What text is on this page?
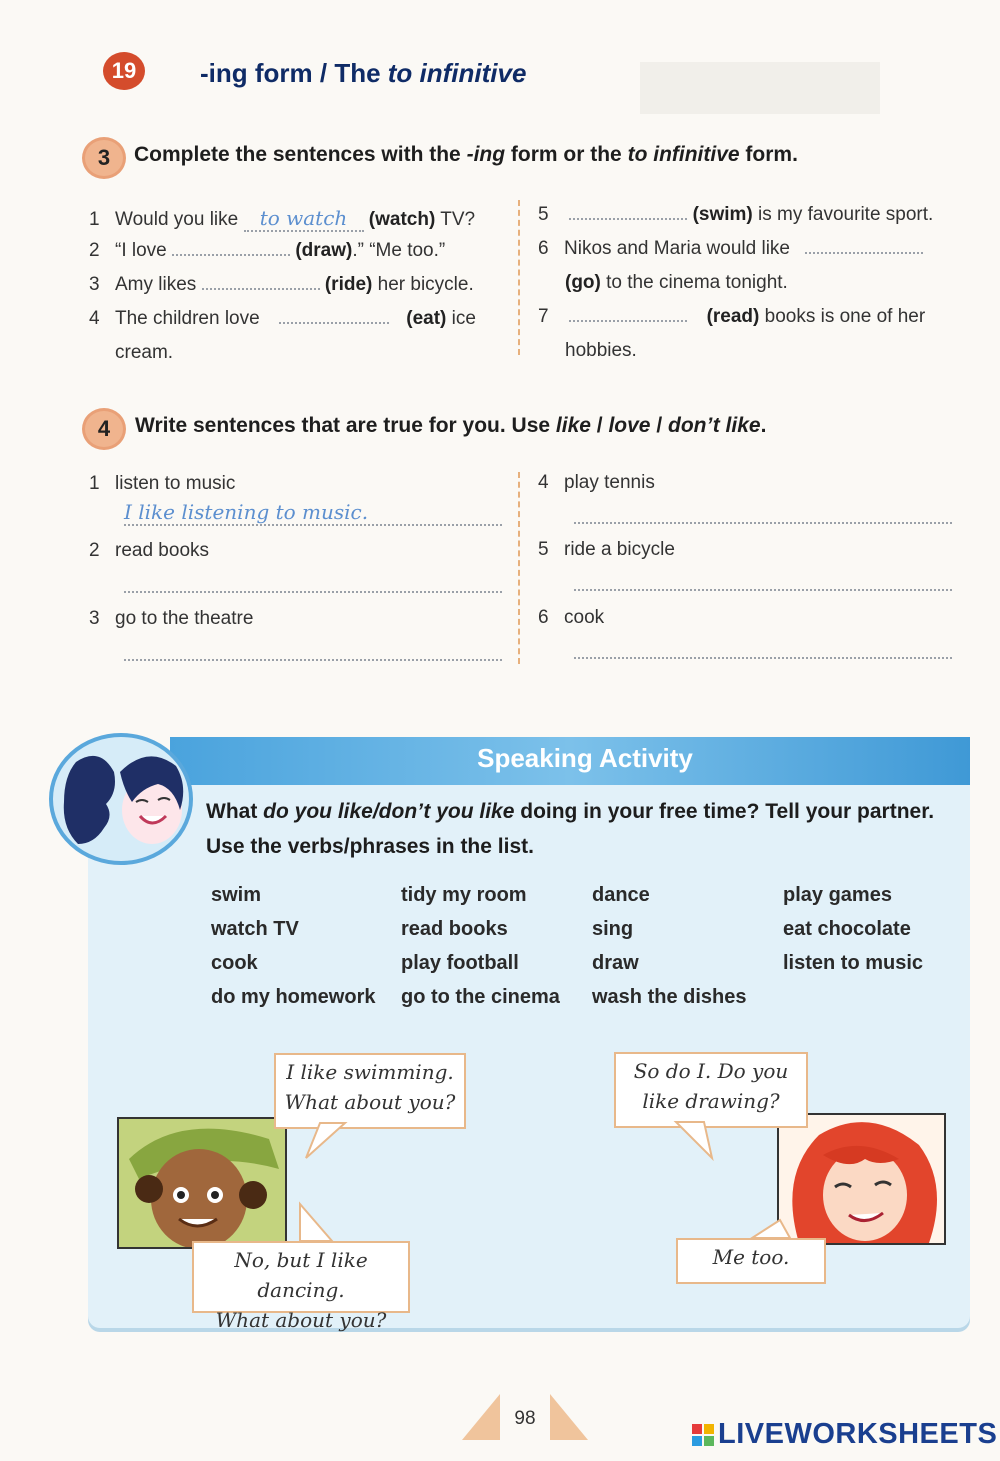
19	-ing form / The to infinitive
3	Complete the sentences with the -ing form or the to infinitive form.
1 Would you like to watch (watch) TV?
2 “I love	(draw).” “Me too.”
3 Amy likes	(ride) her bicycle.
4 The children love	(eat) ice
cream.
5	(swim) is my favourite sport.
6 Nikos and Maria would like
(go) to the cinema tonight.
7	(read) books is one of her
hobbies.
4	Write sentences that are true for you. Use like / love / don’t like.
1 listen to music
I like listening to music.
2 read books
3 go to the theatre
4 play tennis
5 ride a bicycle
6 cook
Speaking Activity
What do you like/don’t you like doing in your free time? Tell your partner. Use the verbs/phrases in the list.
swim
watch TV
cook
do my homework
tidy my room
read books
play football
go to the cinema
dance
sing
draw
wash the dishes
play games
eat chocolate
listen to music
I like swimming.
What about you?
No, but I like dancing.
What about you?
So do I. Do you
like drawing?
Me too.
98	LIVEWORKSHEETS
